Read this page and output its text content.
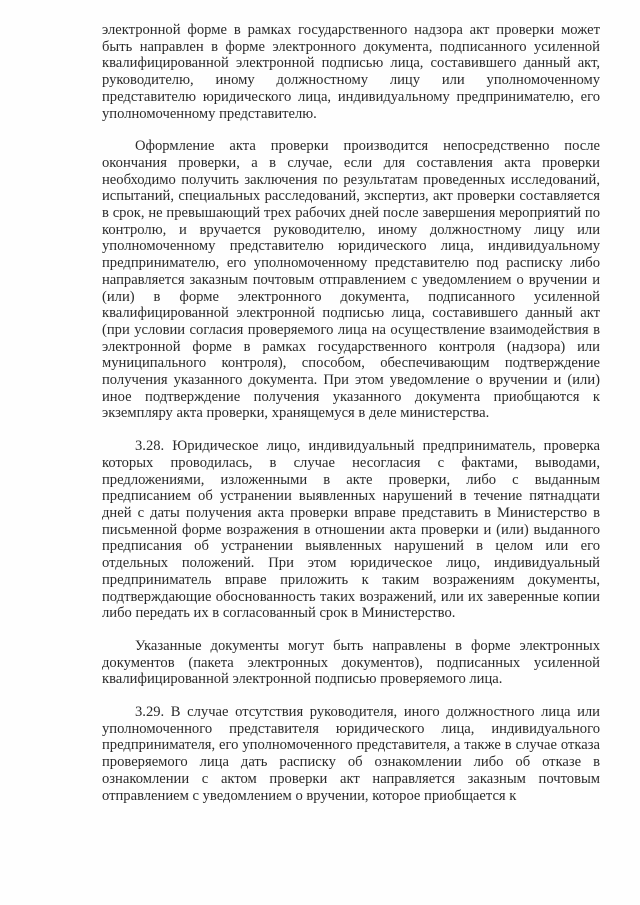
электронной форме в рамках государственного надзора акт проверки может быть направлен в форме электронного документа, подписанного усиленной квалифицированной электронной подписью лица, составившего данный акт, руководителю, иному должностному лицу или уполномоченному представителю юридического лица, индивидуальному предпринимателю, его уполномоченному представителю.

Оформление акта проверки производится непосредственно после окончания проверки, а в случае, если для составления акта проверки необходимо получить заключения по результатам проведенных исследований, испытаний, специальных расследований, экспертиз, акт проверки составляется в срок, не превышающий трех рабочих дней после завершения мероприятий по контролю, и вручается руководителю, иному должностному лицу или уполномоченному представителю юридического лица, индивидуальному предпринимателю, его уполномоченному представителю под расписку либо направляется заказным почтовым отправлением с уведомлением о вручении и (или) в форме электронного документа, подписанного усиленной квалифицированной электронной подписью лица, составившего данный акт (при условии согласия проверяемого лица на осуществление взаимодействия в электронной форме в рамках государственного контроля (надзора) или муниципального контроля), способом, обеспечивающим подтверждение получения указанного документа. При этом уведомление о вручении и (или) иное подтверждение получения указанного документа приобщаются к экземпляру акта проверки, хранящемуся в деле министерства.

3.28. Юридическое лицо, индивидуальный предприниматель, проверка которых проводилась, в случае несогласия с фактами, выводами, предложениями, изложенными в акте проверки, либо с выданным предписанием об устранении выявленных нарушений в течение пятнадцати дней с даты получения акта проверки вправе представить в Министерство в письменной форме возражения в отношении акта проверки и (или) выданного предписания об устранении выявленных нарушений в целом или его отдельных положений. При этом юридическое лицо, индивидуальный предприниматель вправе приложить к таким возражениям документы, подтверждающие обоснованность таких возражений, или их заверенные копии либо передать их в согласованный срок в Министерство.

Указанные документы могут быть направлены в форме электронных документов (пакета электронных документов), подписанных усиленной квалифицированной электронной подписью проверяемого лица.

3.29. В случае отсутствия руководителя, иного должностного лица или уполномоченного представителя юридического лица, индивидуального предпринимателя, его уполномоченного представителя, а также в случае отказа проверяемого лица дать расписку об ознакомлении либо об отказе в ознакомлении с актом проверки акт направляется заказным почтовым отправлением с уведомлением о вручении, которое приобщается к
